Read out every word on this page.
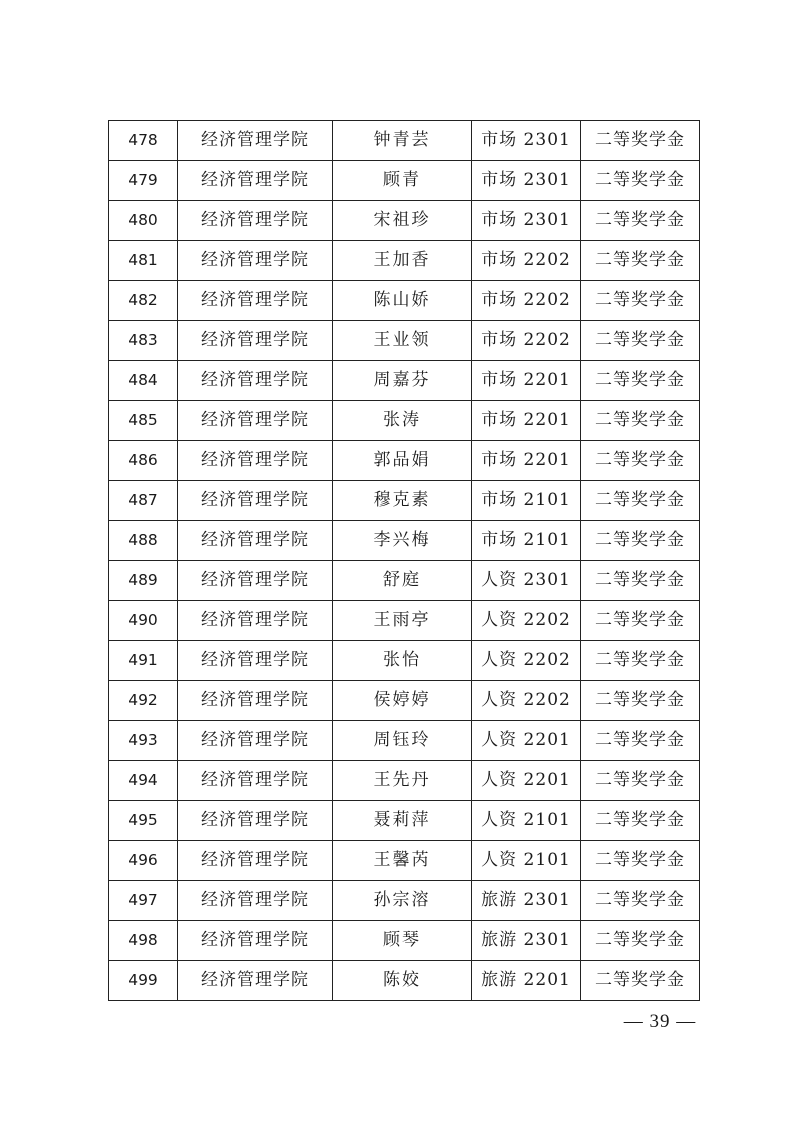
478	经济管理学院	钟青芸	市场 2301	二等奖学金
479	经济管理学院	顾青	市场 2301	二等奖学金
480	经济管理学院	宋祖珍	市场 2301	二等奖学金
481	经济管理学院	王加香	市场 2202	二等奖学金
482	经济管理学院	陈山娇	市场 2202	二等奖学金
483	经济管理学院	王业领	市场 2202	二等奖学金
484	经济管理学院	周嘉芬	市场 2201	二等奖学金
485	经济管理学院	张涛	市场 2201	二等奖学金
486	经济管理学院	郭品娟	市场 2201	二等奖学金
487	经济管理学院	穆克素	市场 2101	二等奖学金
488	经济管理学院	李兴梅	市场 2101	二等奖学金
489	经济管理学院	舒庭	人资 2301	二等奖学金
490	经济管理学院	王雨亭	人资 2202	二等奖学金
491	经济管理学院	张怡	人资 2202	二等奖学金
492	经济管理学院	侯婷婷	人资 2202	二等奖学金
493	经济管理学院	周钰玲	人资 2201	二等奖学金
494	经济管理学院	王先丹	人资 2201	二等奖学金
495	经济管理学院	聂莉萍	人资 2101	二等奖学金
496	经济管理学院	王馨芮	人资 2101	二等奖学金
497	经济管理学院	孙宗溶	旅游 2301	二等奖学金
498	经济管理学院	顾琴	旅游 2301	二等奖学金
499	经济管理学院	陈姣	旅游 2201	二等奖学金
— 39 —
